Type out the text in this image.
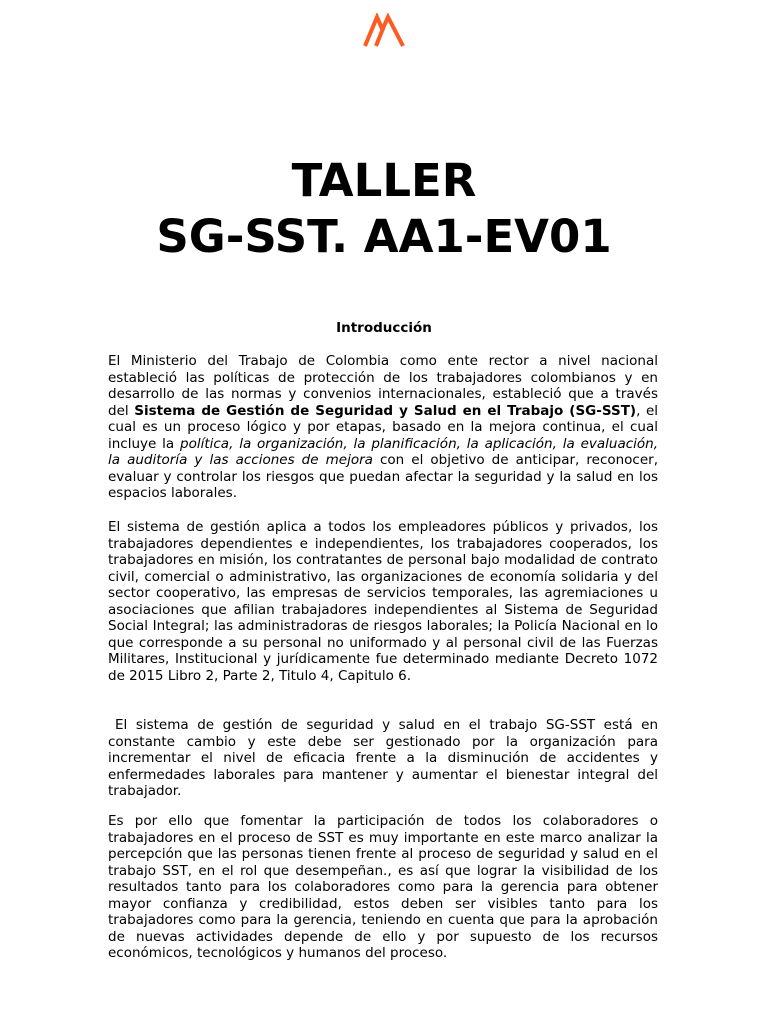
TALLER
SG-SST. AA1-EV01
Introducción

El Ministerio del Trabajo de Colombia como ente rector a nivel nacional estableció las políticas de protección de los trabajadores colombianos y en desarrollo de las normas y convenios internacionales, estableció que a través del Sistema de Gestión de Seguridad y Salud en el Trabajo (SG-SST), el cual es un proceso lógico y por etapas, basado en la mejora continua, el cual incluye la política, la organización, la planificación, la aplicación, la evaluación, la auditoría y las acciones de mejora con el objetivo de anticipar, reconocer, evaluar y controlar los riesgos que puedan afectar la seguridad y la salud en los espacios laborales.

El sistema de gestión aplica a todos los empleadores públicos y privados, los trabajadores dependientes e independientes, los trabajadores cooperados, los trabajadores en misión, los contratantes de personal bajo modalidad de contrato civil, comercial o administrativo, las organizaciones de economía solidaria y del sector cooperativo, las empresas de servicios temporales, las agremiaciones u asociaciones que afilian trabajadores independientes al Sistema de Seguridad Social Integral; las administradoras de riesgos laborales; la Policía Nacional en lo que corresponde a su personal no uniformado y al personal civil de las Fuerzas Militares, Institucional y jurídicamente fue determinado mediante Decreto 1072 de 2015 Libro 2, Parte 2, Titulo 4, Capitulo 6.

El sistema de gestión de seguridad y salud en el trabajo SG-SST está en constante cambio y este debe ser gestionado por la organización para incrementar el nivel de eficacia frente a la disminución de accidentes y enfermedades laborales para mantener y aumentar el bienestar integral del trabajador.

Es por ello que fomentar la participación de todos los colaboradores o trabajadores en el proceso de SST es muy importante en este marco analizar la percepción que las personas tienen frente al proceso de seguridad y salud en el trabajo SST, en el rol que desempeñan., es así que lograr la visibilidad de los resultados tanto para los colaboradores como para la gerencia para obtener mayor confianza y credibilidad, estos deben ser visibles tanto para los trabajadores como para la gerencia, teniendo en cuenta que para la aprobación de nuevas actividades depende de ello y por supuesto de los recursos económicos, tecnológicos y humanos del proceso.
